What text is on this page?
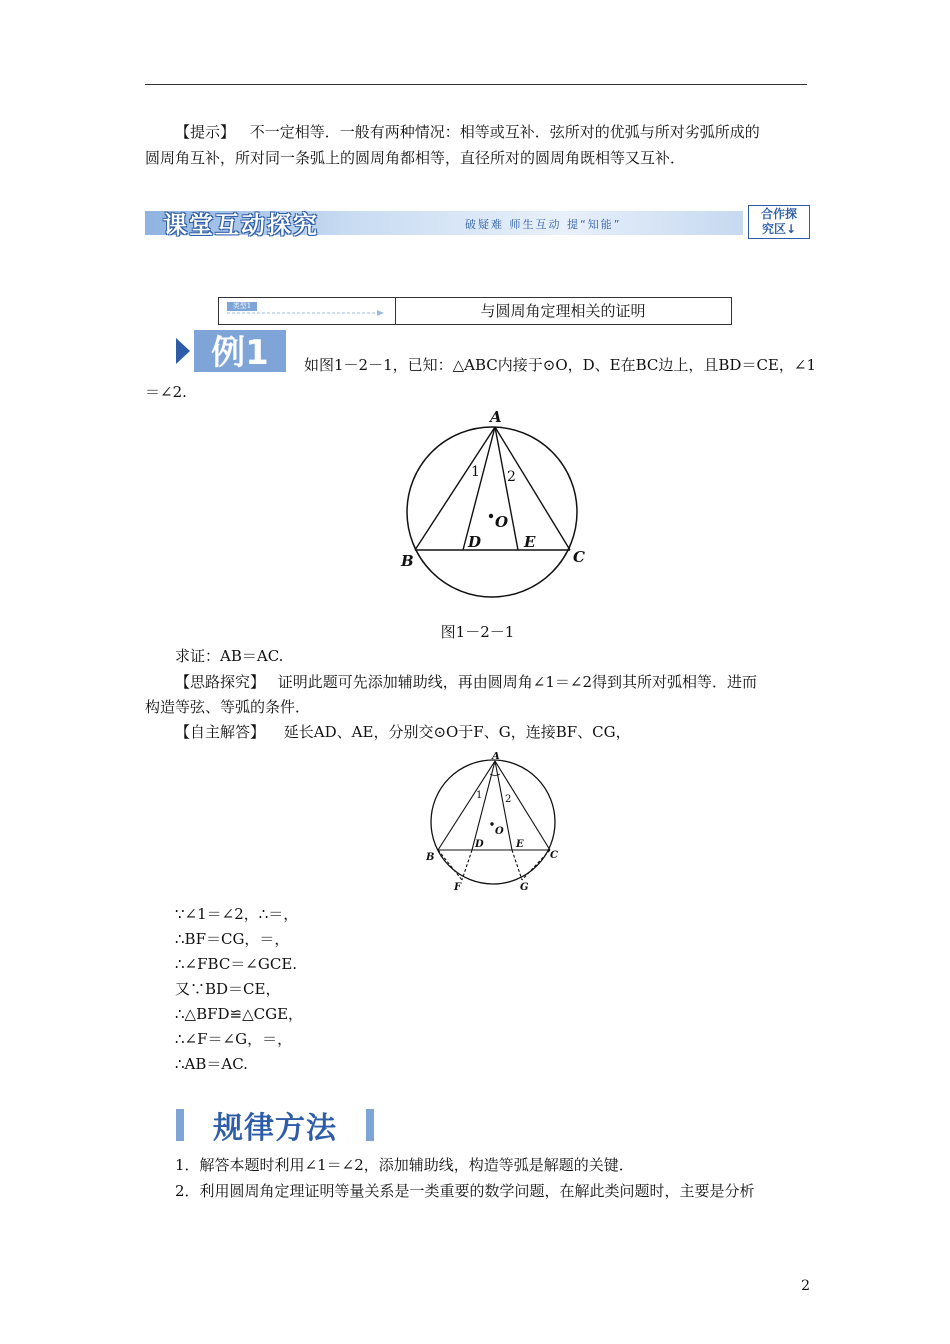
【提示】 不一定相等．一般有两种情况：相等或互补．弦所对的优弧与所对劣弧所成的
圆周角互补，所对同一条弧上的圆周角都相等，直径所对的圆周角既相等又互补．
课堂互动探究	破疑难 师生互动 提“知能”
合作探
究区↓
类型1	与圆周角定理相关的证明
例1 如图1－2－1，已知：△ABC内接于⊙O，D、E在BC边上，且BD＝CE，∠1
＝∠2.
A
B	C
D	E
O
1 2
图1－2－1
求证：AB＝AC.
【思路探究】 证明此题可先添加辅助线，再由圆周角∠1＝∠2得到其所对弧相等．进而
构造等弦、等弧的条件．
【自主解答】 延长AD、AE，分别交⊙O于F、G，连接BF、CG，
A
B	C
D	E
O
F	G
1 2
∵∠1＝∠2，∴＝，
∴BF＝CG，＝，
∴∠FBC＝∠GCE.
又∵BD＝CE，
∴△BFD≌△CGE，
∴∠F＝∠G，＝，
∴AB＝AC.
规律方法
1．解答本题时利用∠1＝∠2，添加辅助线，构造等弧是解题的关键．
2．利用圆周角定理证明等量关系是一类重要的数学问题，在解此类问题时，主要是分析
2
